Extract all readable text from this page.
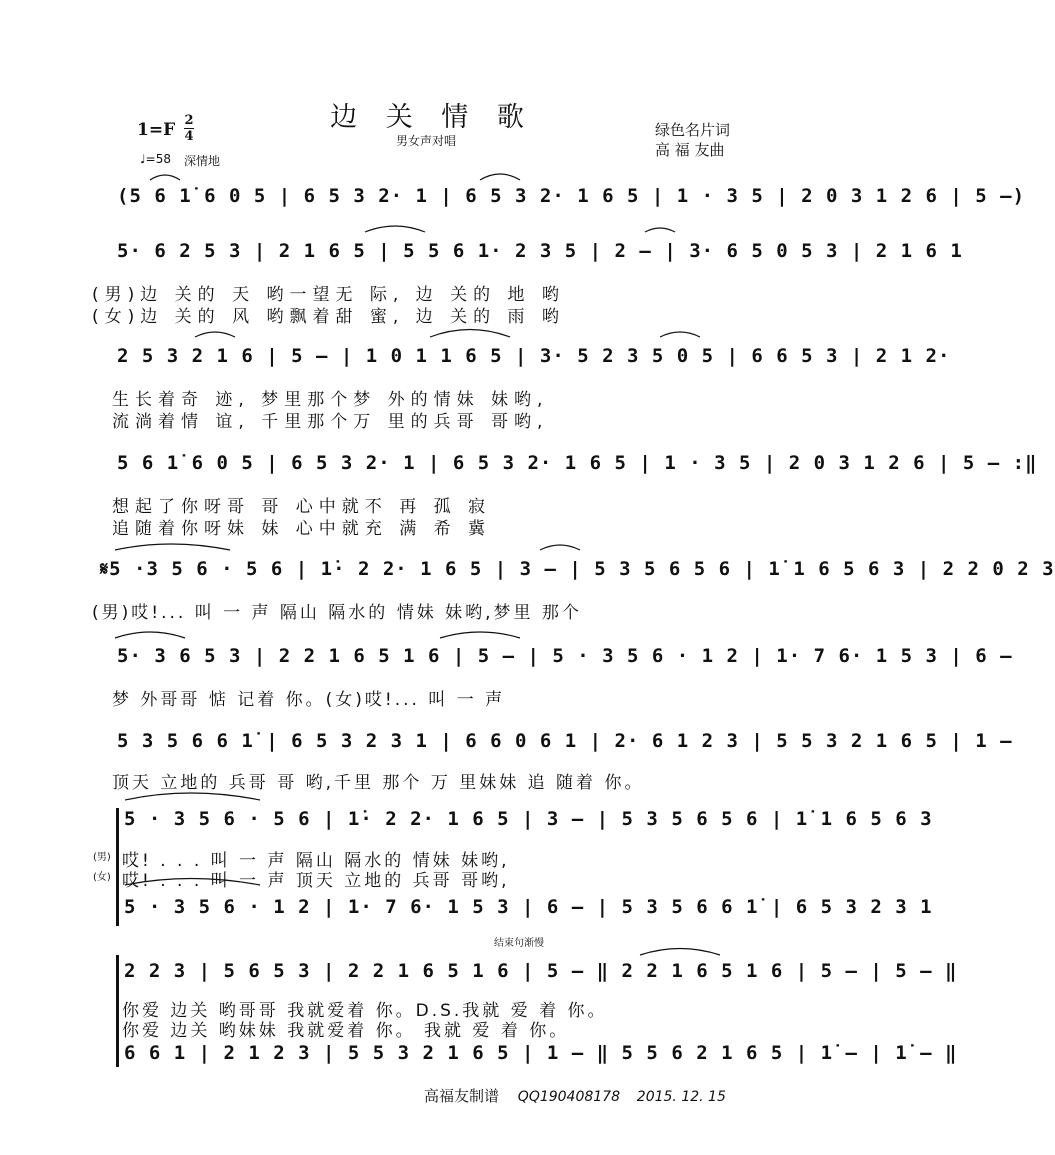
边 关 情 歌
男女声对唱
绿色名片词
高 福 友曲
1=F 2
4
♩=58 深情地
(5 6 1̇ 6 0 5 | 6 5 3 2· 1 | 6 5 3 2· 1 6 5 | 1 · 3 5 | 2 0 3 1 2 6 | 5 –)
5· 6 2 5 3 | 2 1 6 5 | 5 5 6 1· 2 3 5 | 2 – | 3· 6 5 0 5 3 | 2 1 6 1
(男)边 关的 天 哟一望无 际, 边 关的 地 哟
(女)边 关的 风 哟飘着甜 蜜, 边 关的 雨 哟
2 5 3 2 1 6 | 5 – | 1 0 1 1 6 5 | 3· 5 2 3 5 0 5 | 6 6 5 3 | 2 1 2·
生长着奇 迹, 梦里那个梦 外的情妹 妹哟,
流淌着情 谊, 千里那个万 里的兵哥 哥哟,
5 6 1̇ 6 0 5 | 6 5 3 2· 1 | 6 5 3 2· 1 6 5 | 1 · 3 5 | 2 0 3 1 2 6 | 5 – :‖
想起了你呀哥 哥 心中就不 再 孤 寂
追随着你呀妹 妹 心中就充 满 希 冀
𝄋5 ·3 5 6 · 5 6 | 1̇· 2 2· 1 6 5 | 3 – | 5 3 5 6 5 6 | 1̇ 1 6 5 6 3 | 2 2 0 2 3
(男)哎!... 叫 一 声 隔山 隔水的 情妹 妹哟,梦里 那个
5· 3 6 5 3 | 2 2 1 6 5 1 6 | 5 – | 5 · 3 5 6 · 1 2 | 1· 7 6· 1 5 3 | 6 –
梦 外哥哥 惦 记着 你。(女)哎!... 叫 一 声
5 3 5 6 6 1̇ | 6 5 3 2 3 1 | 6 6 0 6 1 | 2· 6 1 2 3 | 5 5 3 2 1 6 5 | 1 –
顶天 立地的 兵哥 哥 哟,千里 那个 万 里妹妹 追 随着 你。
5 · 3 5 6 · 5 6 | 1̇· 2 2· 1 6 5 | 3 – | 5 3 5 6 5 6 | 1̇ 1 6 5 6 3
(男)
(女)
哎! . . . 叫 一 声 隔山 隔水的 情妹 妹哟,
哎! . . . 叫 一 声 顶天 立地的 兵哥 哥哟,
5 · 3 5 6 · 1 2 | 1· 7 6· 1 5 3 | 6 – | 5 3 5 6 6 1̇ | 6 5 3 2 3 1
结束句渐慢
2 2 3 | 5 6 5 3 | 2 2 1 6 5 1 6 | 5 – ‖ 2 2 1 6 5 1 6 | 5 – | 5 – ‖
你爱 边关 哟哥哥 我就爱着 你。D.S.我就 爱 着 你。
你爱 边关 哟妹妹 我就爱着 你。 我就 爱 着 你。
6 6 1 | 2 1 2 3 | 5 5 3 2 1 6 5 | 1 – ‖ 5 5 6 2 1 6 5 | 1̇ – | 1̇ – ‖
高福友制谱 QQ190408178 2015. 12. 15
